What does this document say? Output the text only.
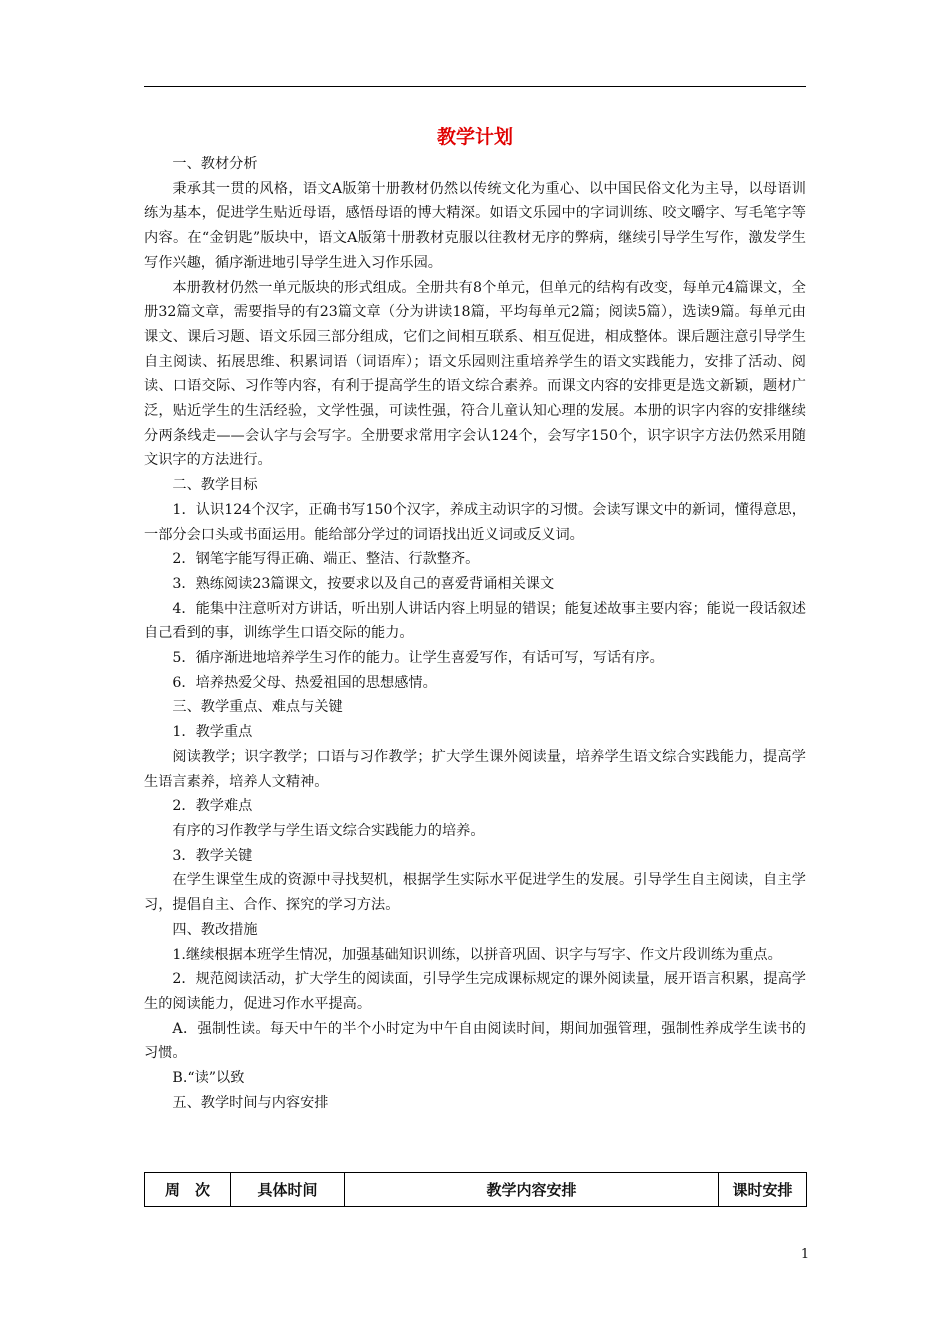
教学计划

一、教材分析

秉承其一贯的风格，语文A版第十册教材仍然以传统文化为重心、以中国民俗文化为主导，以母语训练为基本，促进学生贴近母语，感悟母语的博大精深。如语文乐园中的字词训练、咬文嚼字、写毛笔字等内容。在“金钥匙”版块中，语文A版第十册教材克服以往教材无序的弊病，继续引导学生写作，激发学生写作兴趣，循序渐进地引导学生进入习作乐园。

本册教材仍然一单元版块的形式组成。全册共有8个单元，但单元的结构有改变，每单元4篇课文，全册32篇文章，需要指导的有23篇文章（分为讲读18篇，平均每单元2篇；阅读5篇），选读9篇。每单元由课文、课后习题、语文乐园三部分组成，它们之间相互联系、相互促进，相成整体。课后题注意引导学生自主阅读、拓展思维、积累词语（词语库）；语文乐园则注重培养学生的语文实践能力，安排了活动、阅读、口语交际、习作等内容，有利于提高学生的语文综合素养。而课文内容的安排更是选文新颖，题材广泛，贴近学生的生活经验，文学性强，可读性强，符合儿童认知心理的发展。本册的识字内容的安排继续分两条线走——会认字与会写字。全册要求常用字会认124个，会写字150个，识字识字方法仍然采用随文识字的方法进行。

二、教学目标

1．认识124个汉字，正确书写150个汉字，养成主动识字的习惯。会读写课文中的新词，懂得意思，一部分会口头或书面运用。能给部分学过的词语找出近义词或反义词。

2．钢笔字能写得正确、端正、整洁、行款整齐。

3．熟练阅读23篇课文，按要求以及自己的喜爱背诵相关课文

4．能集中注意听对方讲话，听出别人讲话内容上明显的错误；能复述故事主要内容；能说一段话叙述自己看到的事，训练学生口语交际的能力。

5．循序渐进地培养学生习作的能力。让学生喜爱写作，有话可写，写话有序。

6．培养热爱父母、热爱祖国的思想感情。

三、教学重点、难点与关键

1．教学重点

阅读教学；识字教学；口语与习作教学；扩大学生课外阅读量，培养学生语文综合实践能力，提高学生语言素养，培养人文精神。

2．教学难点

有序的习作教学与学生语文综合实践能力的培养。

3．教学关键

在学生课堂生成的资源中寻找契机，根据学生实际水平促进学生的发展。引导学生自主阅读，自主学习，提倡自主、合作、探究的学习方法。

四、教改措施

1.继续根据本班学生情况，加强基础知识训练，以拼音巩固、识字与写字、作文片段训练为重点。

2．规范阅读活动，扩大学生的阅读面，引导学生完成课标规定的课外阅读量，展开语言积累，提高学生的阅读能力，促进习作水平提高。

A．强制性读。每天中午的半个小时定为中午自由阅读时间，期间加强管理，强制性养成学生读书的习惯。

B.“读”以致

五、教学时间与内容安排

周　次	具体时间	教学内容安排	课时安排
1
